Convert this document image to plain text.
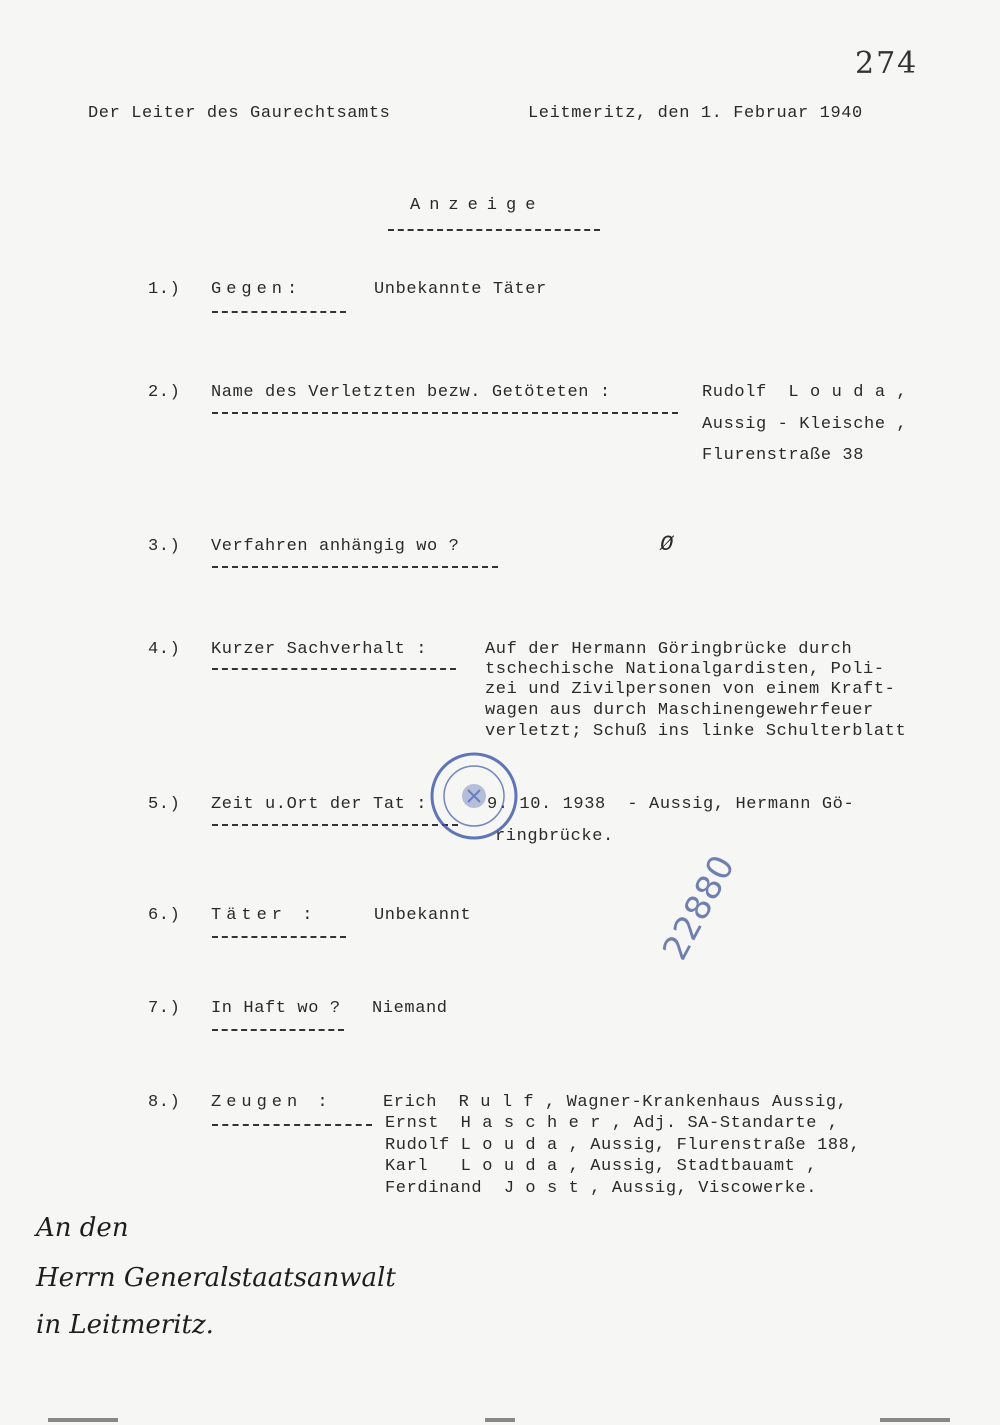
274
Der Leiter des Gaurechtsamts	Leitmeritz, den 1. Februar 1940
Anzeige
1.) Gegen:	Unbekannte Täter
2.) Name des Verletzten bezw. Getöteten :	Rudolf  L o u d a ,
Aussig - Kleische ,
Flurenstraße 38
3.) Verfahren anhängig wo ?	Ø
4.) Kurzer Sachverhalt :	Auf der Hermann Göringbrücke durch
tschechische Nationalgardisten, Poli-
zei und Zivilpersonen von einem Kraft-
wagen aus durch Maschinengewehrfeuer
verletzt; Schuß ins linke Schulterblatt
5.) Zeit u.Ort der Tat :	9. 10. 1938  - Aussig, Hermann Gö-
ringbrücke.
6.) Täter :	Unbekannt
7.) In Haft wo ? Niemand
8.) Zeugen :	Erich  R u l f , Wagner-Krankenhaus Aussig,
Ernst  H a s c h e r , Adj. SA-Standarte ,
Rudolf L o u d a , Aussig, Flurenstraße 188,
Karl   L o u d a , Aussig, Stadtbauamt ,
Ferdinand  J o s t , Aussig, Viscowerke.
22880
An den
Herrn Generalstaatsanwalt
in Leitmeritz.
